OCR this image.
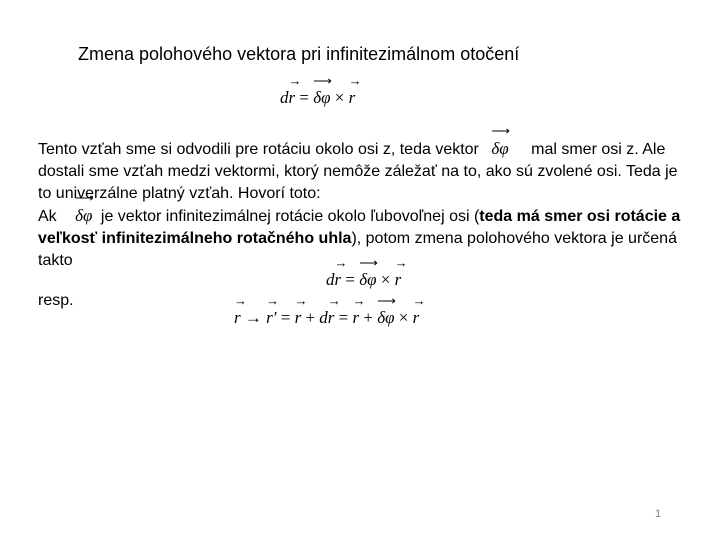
Zmena polohového vektora pri infinitezimálnom otočení
d→ r = ⟶ δφ × → r
Tento vzťah sme si odvodili pre rotáciu okolo osi z, teda vektor ⟶ δφ mal smer osi z. Ale dostali sme vzťah medzi vektormi, ktorý nemôže záležať na to, ako sú zvolené osi. Teda je to univerzálne platný vzťah. Hovorí toto:
Ak ⟶ δφ je vektor infinitezimálnej rotácie okolo ľubovoľnej osi (teda má smer osi rotácie a veľkosť infinitezimálneho rotačného uhla), potom zmena polohového vektora je určená takto
d→ r = ⟶ δφ × → r
resp.
→ r → → r′ = → r + d→ r = → r + ⟶ δφ × → r
1
